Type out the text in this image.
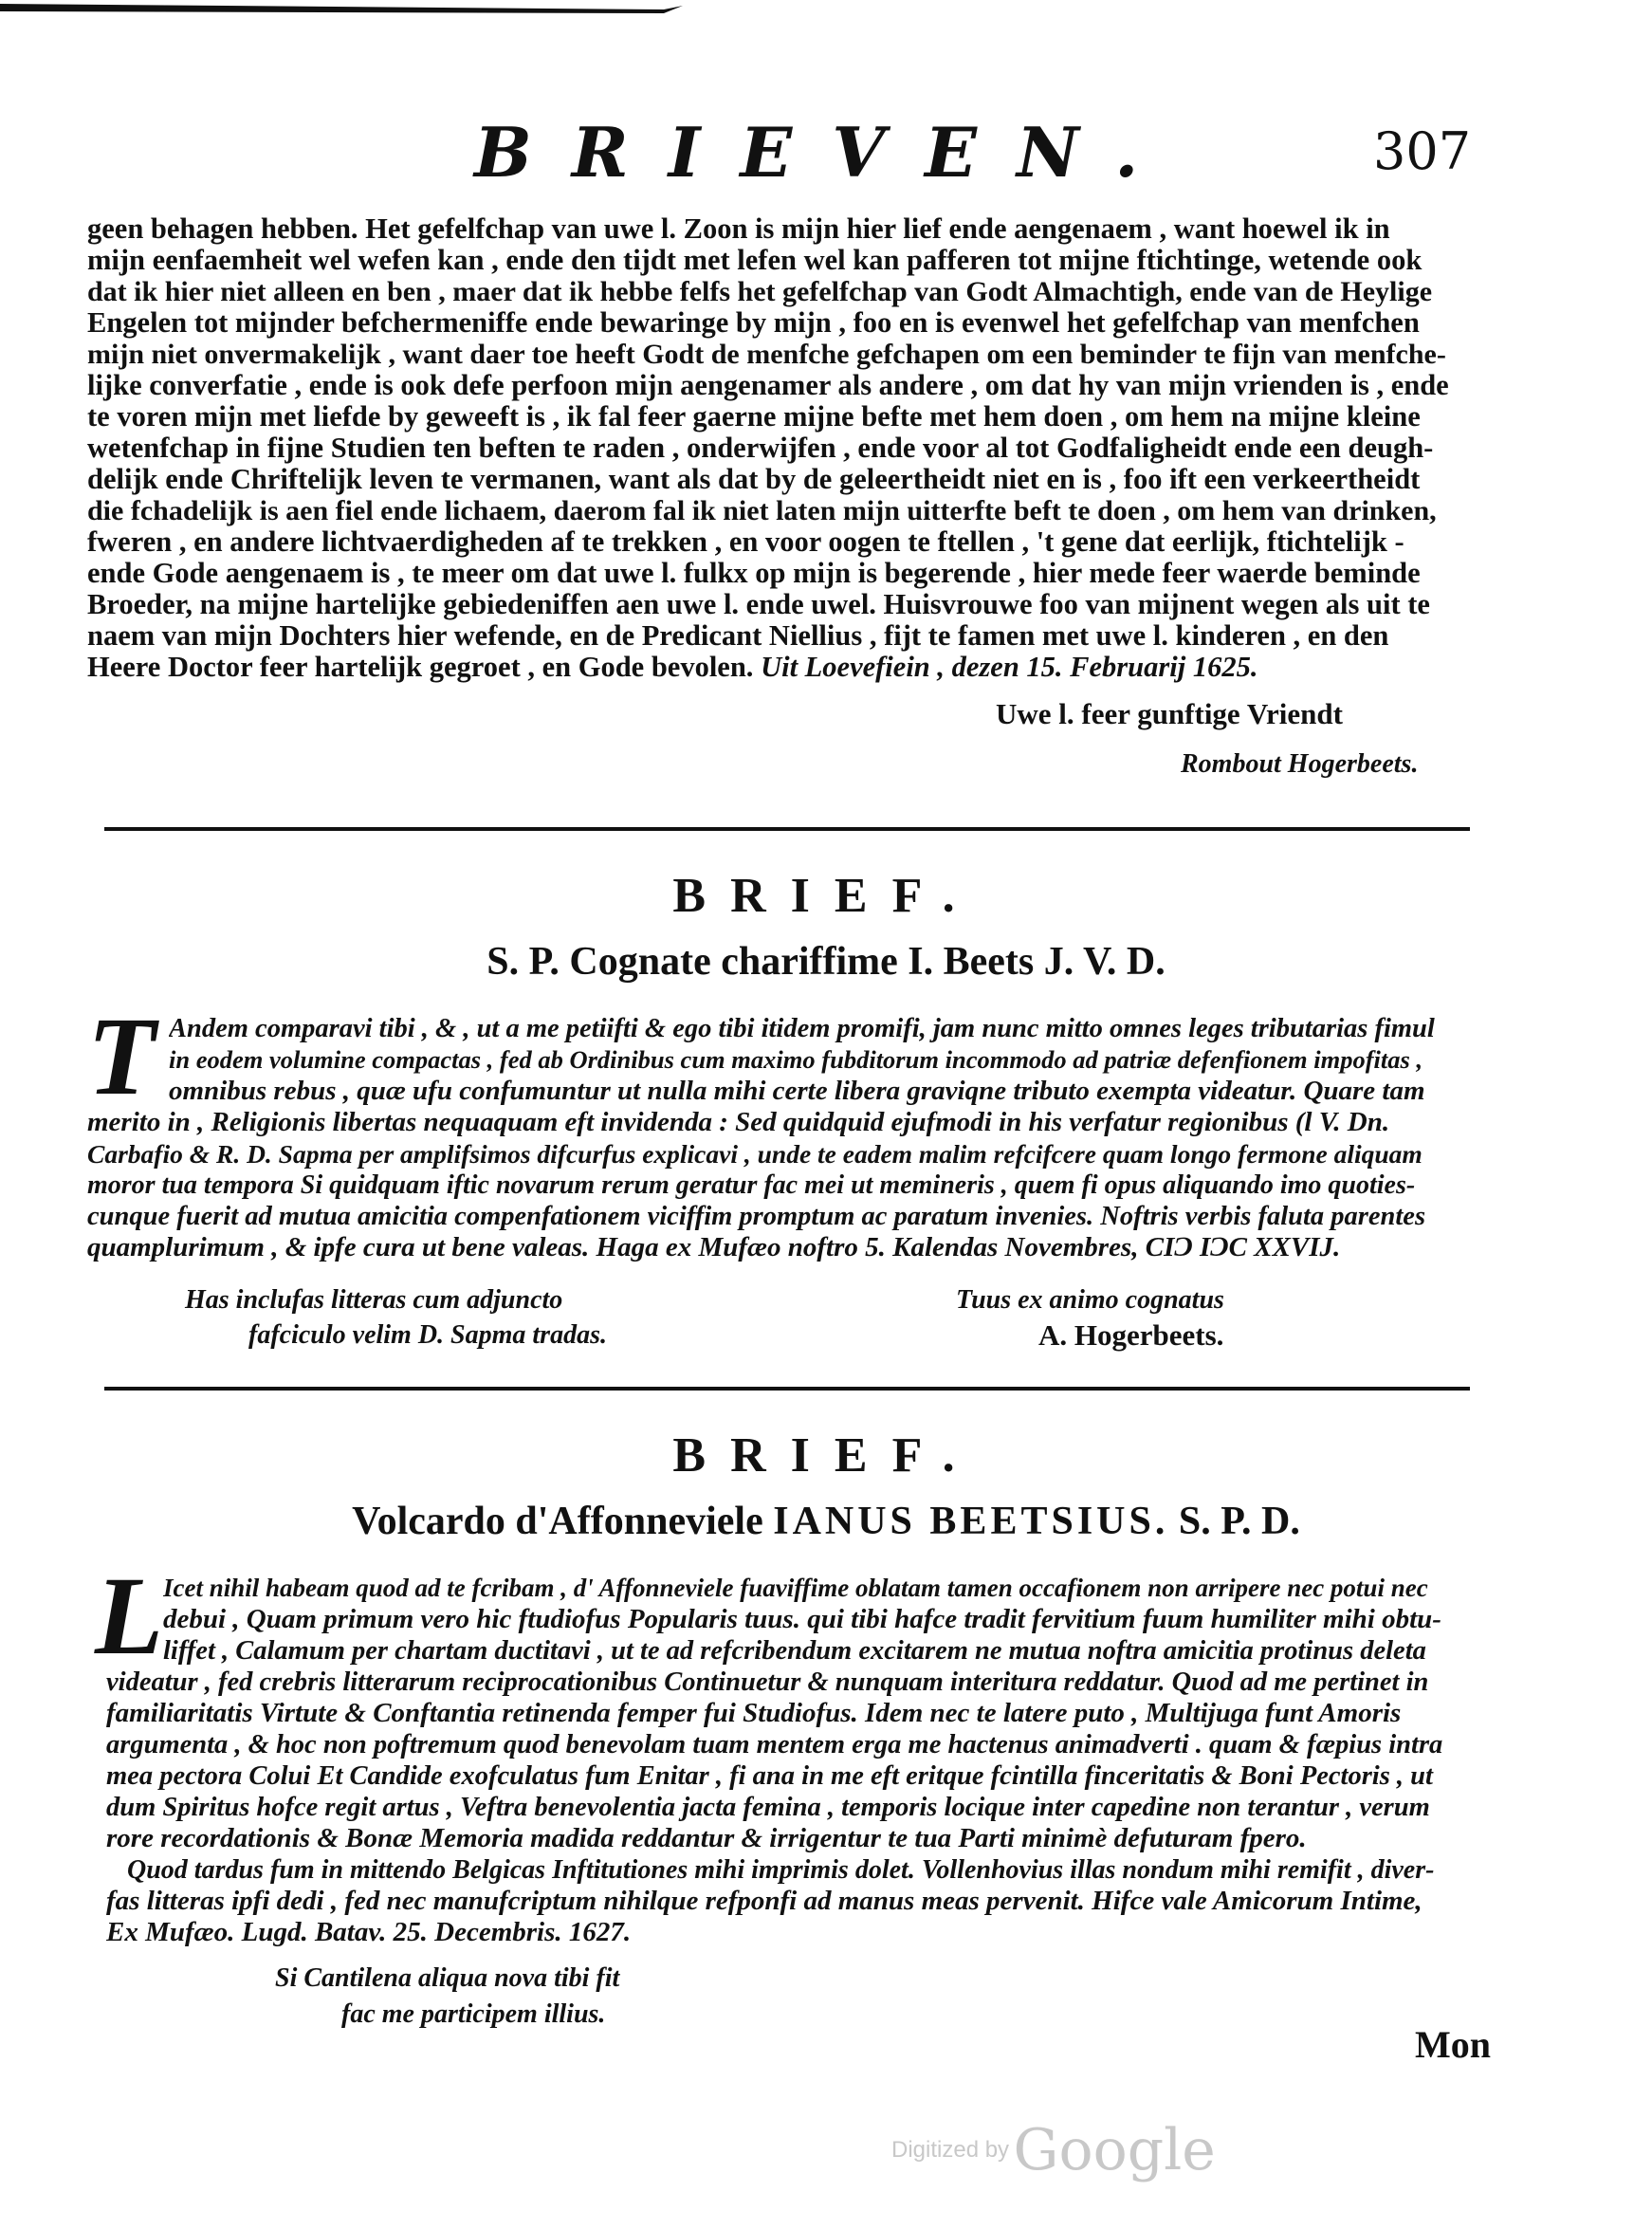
BRIEVEN.	307
geen behagen hebben. Het gefelfchap van uwe l. Zoon is mijn hier lief ende aengenaem , want hoewel ik in
mijn eenfaemheit wel wefen kan , ende den tijdt met lefen wel kan pafferen tot mijne ftichtinge, wetende ook
dat ik hier niet alleen en ben , maer dat ik hebbe felfs het gefelfchap van Godt Almachtigh, ende van de Heylige
Engelen tot mijnder befchermeniffe ende bewaringe by mijn , foo en is evenwel het gefelfchap van menfchen
mijn niet onvermakelijk , want daer toe heeft Godt de menfche gefchapen om een beminder te fijn van menfche-
lijke converfatie , ende is ook defe perfoon mijn aengenamer als andere , om dat hy van mijn vrienden is , ende
te voren mijn met liefde by geweeft is , ik fal feer gaerne mijne befte met hem doen , om hem na mijne kleine
wetenfchap in fijne Studien ten beften te raden , onderwijfen , ende voor al tot Godfaligheidt ende een deugh-
delijk ende Chriftelijk leven te vermanen, want als dat by de geleertheidt niet en is , foo ift een verkeertheidt
die fchadelijk is aen fiel ende lichaem, daerom fal ik niet laten mijn uitterfte beft te doen , om hem van drinken,
fweren , en andere lichtvaerdigheden af te trekken , en voor oogen te ftellen , 't gene dat eerlijk, ftichtelijk -
ende Gode aengenaem is , te meer om dat uwe l. fulkx op mijn is begerende , hier mede feer waerde beminde
Broeder, na mijne hartelijke gebiedeniffen aen uwe l. ende uwel. Huisvrouwe foo van mijnent wegen als uit te
naem van mijn Dochters hier wefende, en de Predicant Niellius , fijt te famen met uwe l. kinderen , en den
Heere Doctor feer hartelijk gegroet , en Gode bevolen. Uit Loevefiein , dezen 15. Februarij 1625.
Uwe l. feer gunftige Vriendt
Rombout Hogerbeets.
BRIEF.
S. P. Cognate chariffime I. Beets J. V. D.
T Andem comparavi tibi , & , ut a me petiifti & ego tibi itidem promifi, jam nunc mitto omnes leges tributarias fimul
in eodem volumine compactas , fed ab Ordinibus cum maximo fubditorum incommodo ad patriæ defenfionem impofitas ,
omnibus rebus , quæ ufu confumuntur ut nulla mihi certe libera graviqne tributo exempta videatur. Quare tam
merito in , Religionis libertas nequaquam eft invidenda : Sed quidquid ejufmodi in his verfatur regionibus (l V. Dn.
Carbafio & R. D. Sapma per amplifsimos difcurfus explicavi , unde te eadem malim refcifcere quam longo fermone aliquam
moror tua tempora Si quidquam iftic novarum rerum geratur fac mei ut memineris , quem fi opus aliquando imo quoties-
cunque fuerit ad mutua amicitia compenfationem viciffim promptum ac paratum invenies. Noftris verbis faluta parentes
quamplurimum , & ipfe cura ut bene valeas. Haga ex Mufæo noftro 5. Kalendas Novembres, CIƆ IƆC XXVIJ.
Has inclufas litteras cum adjuncto
fafciculo velim D. Sapma tradas.
Tuus ex animo cognatus
A. Hogerbeets.
BRIEF.
Volcardo d'Affonneviele IANUS BEETSIUS. S. P. D.
L Icet nihil habeam quod ad te fcribam , d' Affonneviele fuaviffime oblatam tamen occafionem non arripere nec potui nec
debui , Quam primum vero hic ftudiofus Popularis tuus. qui tibi hafce tradit fervitium fuum humiliter mihi obtu-
liffet , Calamum per chartam ductitavi , ut te ad refcribendum excitarem ne mutua noftra amicitia protinus deleta
videatur , fed crebris litterarum reciprocationibus Continuetur & nunquam interitura reddatur. Quod ad me pertinet in
familiaritatis Virtute & Conftantia retinenda femper fui Studiofus. Idem nec te latere puto , Multijuga funt Amoris
argumenta , & hoc non poftremum quod benevolam tuam mentem erga me hactenus animadverti . quam & fæpius intra
mea pectora Colui Et Candide exofculatus fum Enitar , fi ana in me eft eritque fcintilla finceritatis & Boni Pectoris , ut
dum Spiritus hofce regit artus , Veftra benevolentia jacta femina , temporis locique inter capedine non terantur , verum
rore recordationis & Bonæ Memoria madida reddantur & irrigentur te tua Parti minimè defuturam fpero.
Quod tardus fum in mittendo Belgicas Inftitutiones mihi imprimis dolet. Vollenhovius illas nondum mihi remifit , diver-
fas litteras ipfi dedi , fed nec manufcriptum nihilque refponfi ad manus meas pervenit. Hifce vale Amicorum Intime,
Ex Mufæo. Lugd. Batav. 25. Decembris. 1627.
Si Cantilena aliqua nova tibi fit
fac me participem illius.
Mon
Digitized by Google
